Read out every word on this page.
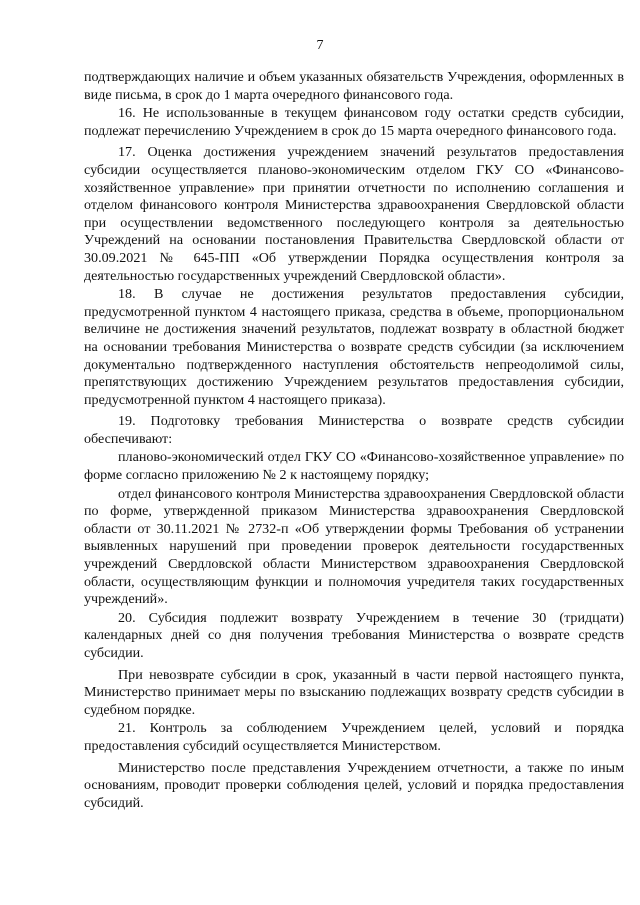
7

подтверждающих наличие и объем указанных обязательств Учреждения, оформленных в виде письма, в срок до 1 марта очередного финансового года.

16. Не использованные в текущем финансовом году остатки средств субсидии, подлежат перечислению Учреждением в срок до 15 марта очередного финансового года.

17. Оценка достижения учреждением значений результатов предоставления субсидии осуществляется планово-экономическим отделом ГКУ СО «Финансово-хозяйственное управление» при принятии отчетности по исполнению соглашения и отделом финансового контроля Министерства здравоохранения Свердловской области при осуществлении ведомственного последующего контроля за деятельностью Учреждений на основании постановления Правительства Свердловской области от 30.09.2021 № 645-ПП «Об утверждении Порядка осуществления контроля за деятельностью государственных учреждений Свердловской области».

18. В случае не достижения результатов предоставления субсидии, предусмотренной пунктом 4 настоящего приказа, средства в объеме, пропорциональном величине не достижения значений результатов, подлежат возврату в областной бюджет на основании требования Министерства о возврате средств субсидии (за исключением документально подтвержденного наступления обстоятельств непреодолимой силы, препятствующих достижению Учреждением результатов предоставления субсидии, предусмотренной пунктом 4 настоящего приказа).

19. Подготовку требования Министерства о возврате средств субсидии обеспечивают:

планово-экономический отдел ГКУ СО «Финансово-хозяйственное управление» по форме согласно приложению № 2 к настоящему порядку;

отдел финансового контроля Министерства здравоохранения Свердловской области по форме, утвержденной приказом Министерства здравоохранения Свердловской области от 30.11.2021 № 2732-п «Об утверждении формы Требования об устранении выявленных нарушений при проведении проверок деятельности государственных учреждений Свердловской области Министерством здравоохранения Свердловской области, осуществляющим функции и полномочия учредителя таких государственных учреждений».

20. Субсидия подлежит возврату Учреждением в течение 30 (тридцати) календарных дней со дня получения требования Министерства о возврате средств субсидии.

При невозврате субсидии в срок, указанный в части первой настоящего пункта, Министерство принимает меры по взысканию подлежащих возврату средств субсидии в судебном порядке.

21. Контроль за соблюдением Учреждением целей, условий и порядка предоставления субсидий осуществляется Министерством.

Министерство после представления Учреждением отчетности, а также по иным основаниям, проводит проверки соблюдения целей, условий и порядка предоставления субсидий.
